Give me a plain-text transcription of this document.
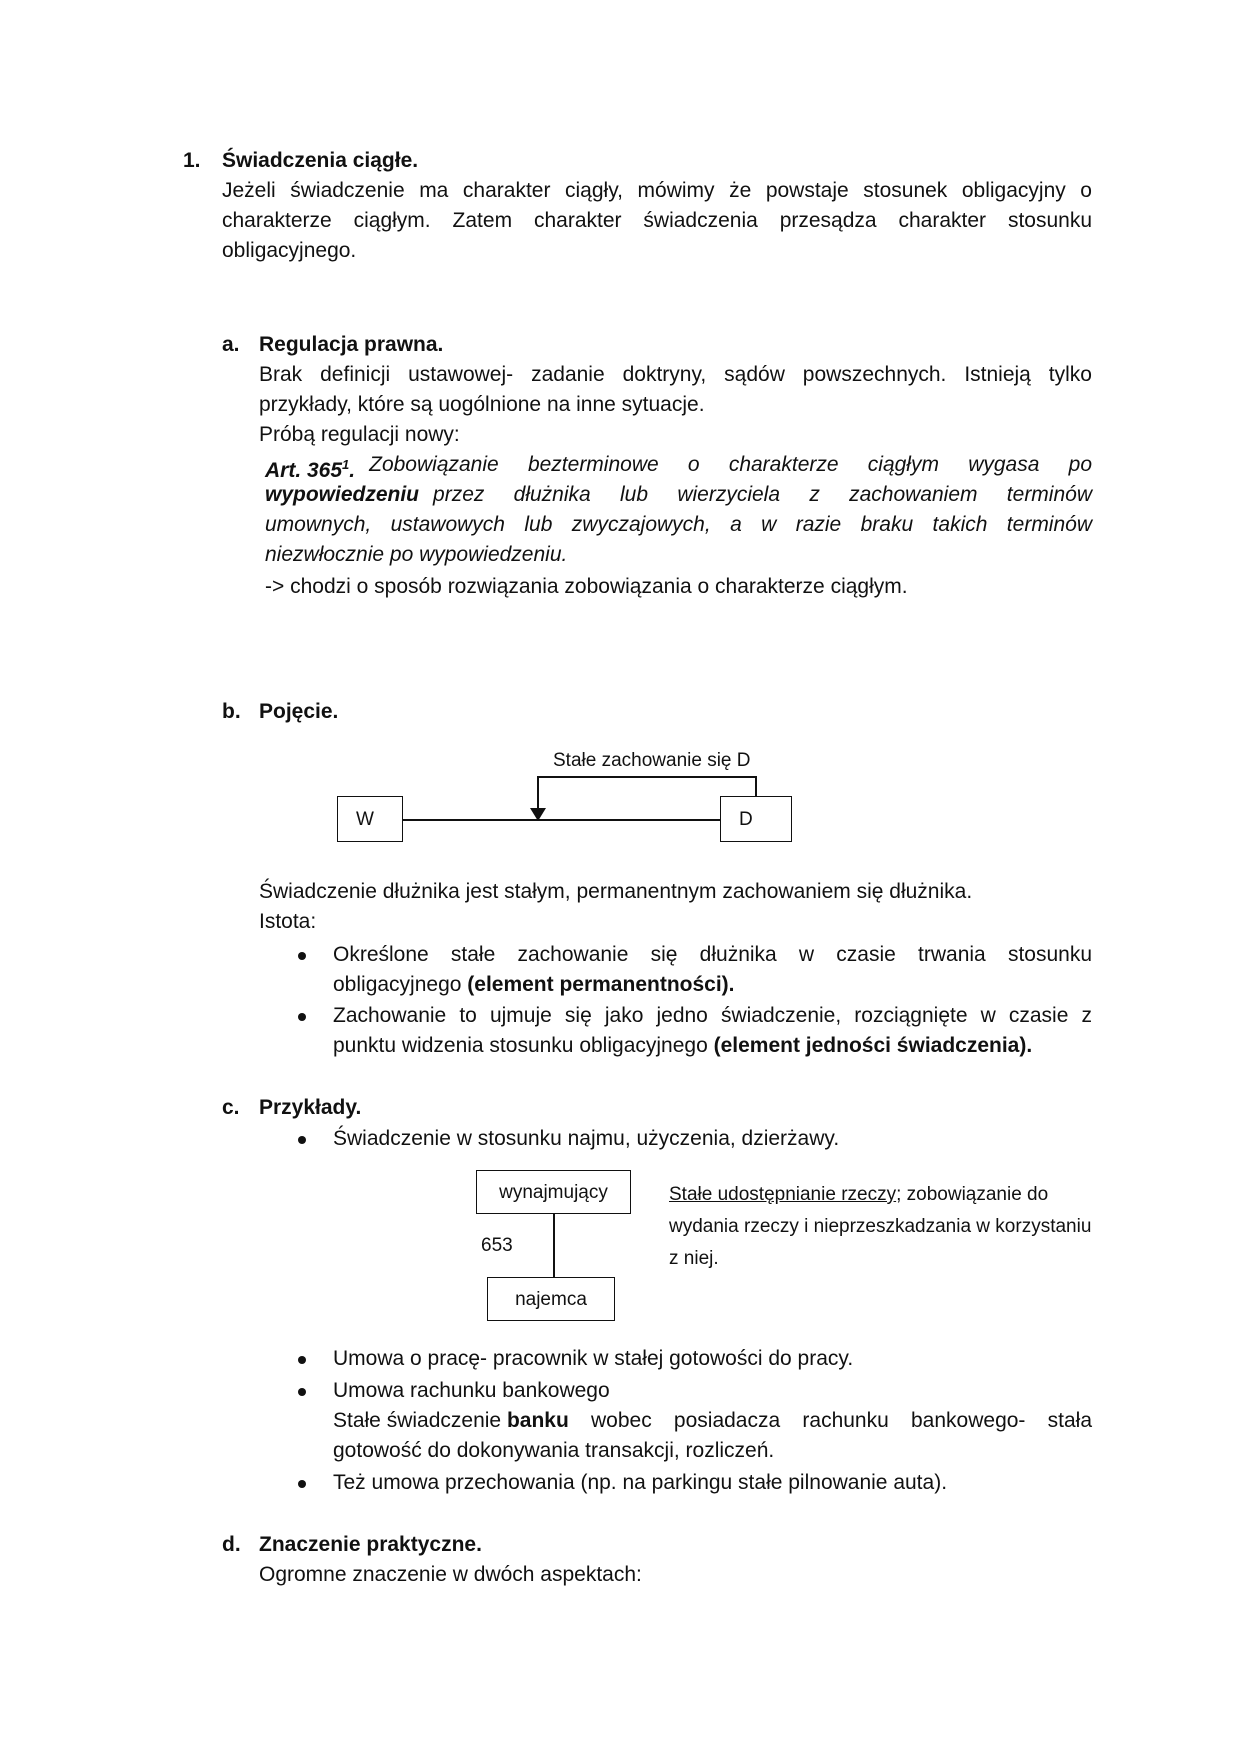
1. Świadczenia ciągłe.
Jeżeli świadczenie ma charakter ciągły, mówimy że powstaje stosunek obligacyjny o
charakterze ciągłym. Zatem charakter świadczenia przesądza charakter stosunku
obligacyjnego.
a. Regulacja prawna.
Brak definicji ustawowej- zadanie doktryny, sądów powszechnych. Istnieją tylko
przykłady, które są uogólnione na inne sytuacje.
Próbą regulacji nowy:
Art. $365^1$. Zobowiązanie bezterminowe o charakterze ciągłym wygasa po
wypowiedzeniu przez dłużnika lub wierzyciela z zachowaniem terminów
umownych, ustawowych lub zwyczajowych, a w razie braku takich terminów
niezwłocznie po wypowiedzeniu.
-> chodzi o sposób rozwiązania zobowiązania o charakterze ciągłym.
b. Pojęcie.
Stałe zachowanie się D
W	D
Świadczenie dłużnika jest stałym, permanentnym zachowaniem się dłużnika.
Istota:
Określone stałe zachowanie się dłużnika w czasie trwania stosunku
obligacyjnego (element permanentności).
Zachowanie to ujmuje się jako jedno świadczenie, rozciągnięte w czasie z
punktu widzenia stosunku obligacyjnego (element jedności świadczenia).
c. Przykłady.
Świadczenie w stosunku najmu, użyczenia, dzierżawy.
wynajmujący
najemca
653
Stałe udostępnianie rzeczy; zobowiązanie do
wydania rzeczy i nieprzeszkadzania w korzystaniu
z niej.
Umowa o pracę- pracownik w stałej gotowości do pracy.
Umowa rachunku bankowego
Stałe świadczenie banku wobec posiadacza rachunku bankowego- stała
gotowość do dokonywania transakcji, rozliczeń.
Też umowa przechowania (np. na parkingu stałe pilnowanie auta).
d. Znaczenie praktyczne.
Ogromne znaczenie w dwóch aspektach:
